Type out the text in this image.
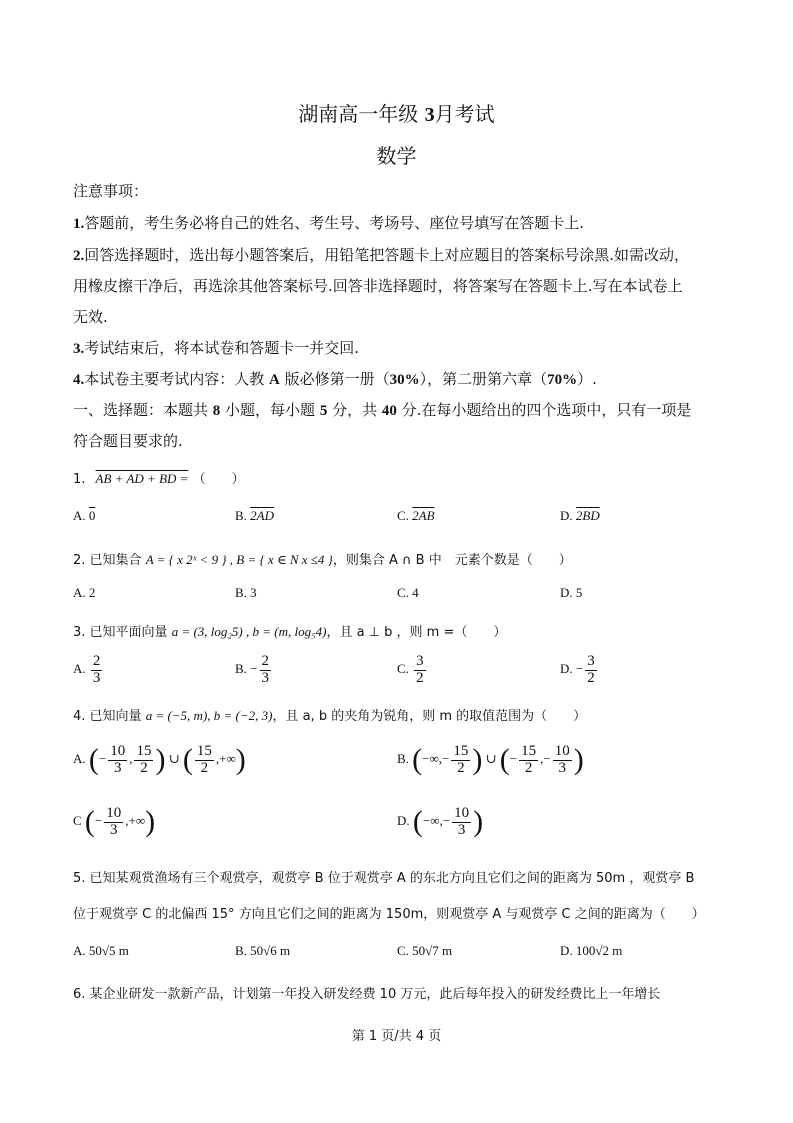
湖南高一年级 3月考试
数学
注意事项：
1.答题前，考生务必将自己的姓名、考生号、考场号、座位号填写在答题卡上.
2.回答选择题时，选出每小题答案后，用铅笔把答题卡上对应题目的答案标号涂黑.如需改动，
用橡皮擦干净后，再选涂其他答案标号.回答非选择题时，将答案写在答题卡上.写在本试卷上
无效.
3.考试结束后，将本试卷和答题卡一并交回.
4.本试卷主要考试内容：人教 A 版必修第一册（30%），第二册第六章（70%）.
一、选择题：本题共 8 小题，每小题 5 分，共 40 分.在每小题给出的四个选项中，只有一项是
符合题目要求的.
1. AB + AD + BD = （　　）
A. 0	B. 2AD	C. 2AB	D. 2BD
2. 已知集合 A = { x 2ˣ < 9 } , B = { x ∈ N x ≤4 }，则集合 A ∩ B 中　元素个数是（　　）
A. 2	B. 3	C. 4	D. 5
3. 已知平面向量 a = (3, log₂5) , b = (m, log₅4)，且 a ⊥ b ，则 m =（　　）
A. $\frac{2}{3}$	B. − $\frac{2}{3}$	C. $\frac{3}{2}$	D. − $\frac{3}{2}$
4. 已知向量 a = (−5, m), b = (−2, 3)，且 a, b 的夹角为锐角，则 m 的取值范围为（　　）
A. (− $\frac{10}{3}$ , $\frac{15}{2}$ ) ∪ ( $\frac{15}{2}$ ,+∞)	B. (−∞,− $\frac{15}{2}$ ) ∪ (− $\frac{15}{2}$ ,− $\frac{10}{3}$ )
C (− $\frac{10}{3}$ ,+∞)	D. (−∞,− $\frac{10}{3}$ )
5. 已知某观赏渔场有三个观赏亭，观赏亭 B 位于观赏亭 A 的东北方向且它们之间的距离为 50m ，观赏亭 B
位于观赏亭 C 的北偏西 15° 方向且它们之间的距离为 150m，则观赏亭 A 与观赏亭 C 之间的距离为（　　）
A. 50√5 m	B. 50√6 m	C. 50√7 m	D. 100√2 m
6. 某企业研发一款新产品，计划第一年投入研发经费 10 万元，此后每年投入的研发经费比上一年增长
第 1 页/共 4 页
